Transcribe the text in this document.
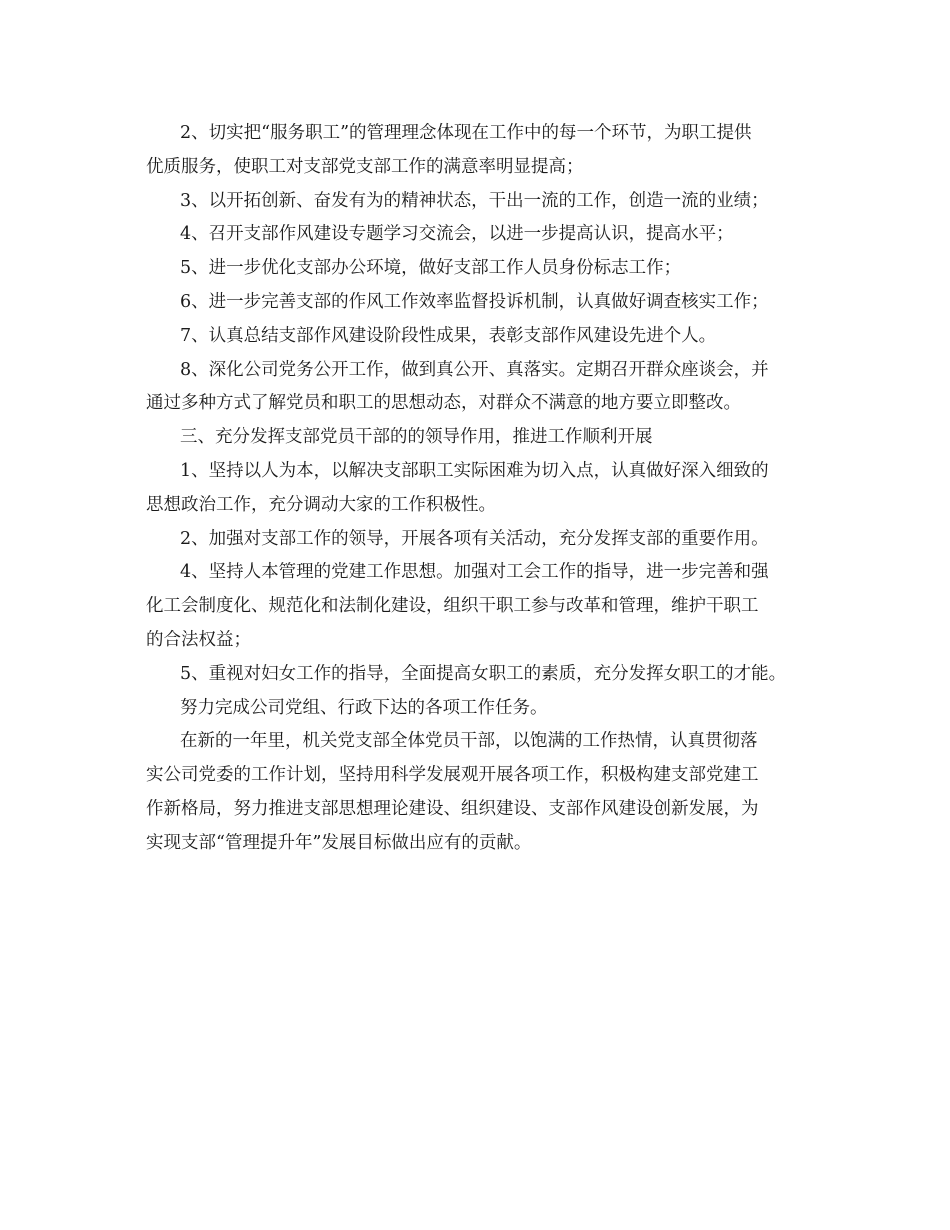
2、切实把“服务职工”的管理理念体现在工作中的每一个环节，为职工提供

优质服务，使职工对支部党支部工作的满意率明显提高；

3、以开拓创新、奋发有为的精神状态，干出一流的工作，创造一流的业绩；

4、召开支部作风建设专题学习交流会，以进一步提高认识，提高水平；

5、进一步优化支部办公环境，做好支部工作人员身份标志工作；

6、进一步完善支部的作风工作效率监督投诉机制，认真做好调查核实工作；

7、认真总结支部作风建设阶段性成果，表彰支部作风建设先进个人。

8、深化公司党务公开工作，做到真公开、真落实。定期召开群众座谈会，并

通过多种方式了解党员和职工的思想动态，对群众不满意的地方要立即整改。

三、充分发挥支部党员干部的的领导作用，推进工作顺利开展

1、坚持以人为本，以解决支部职工实际困难为切入点，认真做好深入细致的

思想政治工作，充分调动大家的工作积极性。

2、加强对支部工作的领导，开展各项有关活动，充分发挥支部的重要作用。

4、坚持人本管理的党建工作思想。加强对工会工作的指导，进一步完善和强

化工会制度化、规范化和法制化建设，组织干职工参与改革和管理，维护干职工

的合法权益；

5、重视对妇女工作的指导，全面提高女职工的素质，充分发挥女职工的才能。

努力完成公司党组、行政下达的各项工作任务。

在新的一年里，机关党支部全体党员干部，以饱满的工作热情，认真贯彻落

实公司党委的工作计划，坚持用科学发展观开展各项工作，积极构建支部党建工

作新格局，努力推进支部思想理论建设、组织建设、支部作风建设创新发展，为

实现支部“管理提升年”发展目标做出应有的贡献。
